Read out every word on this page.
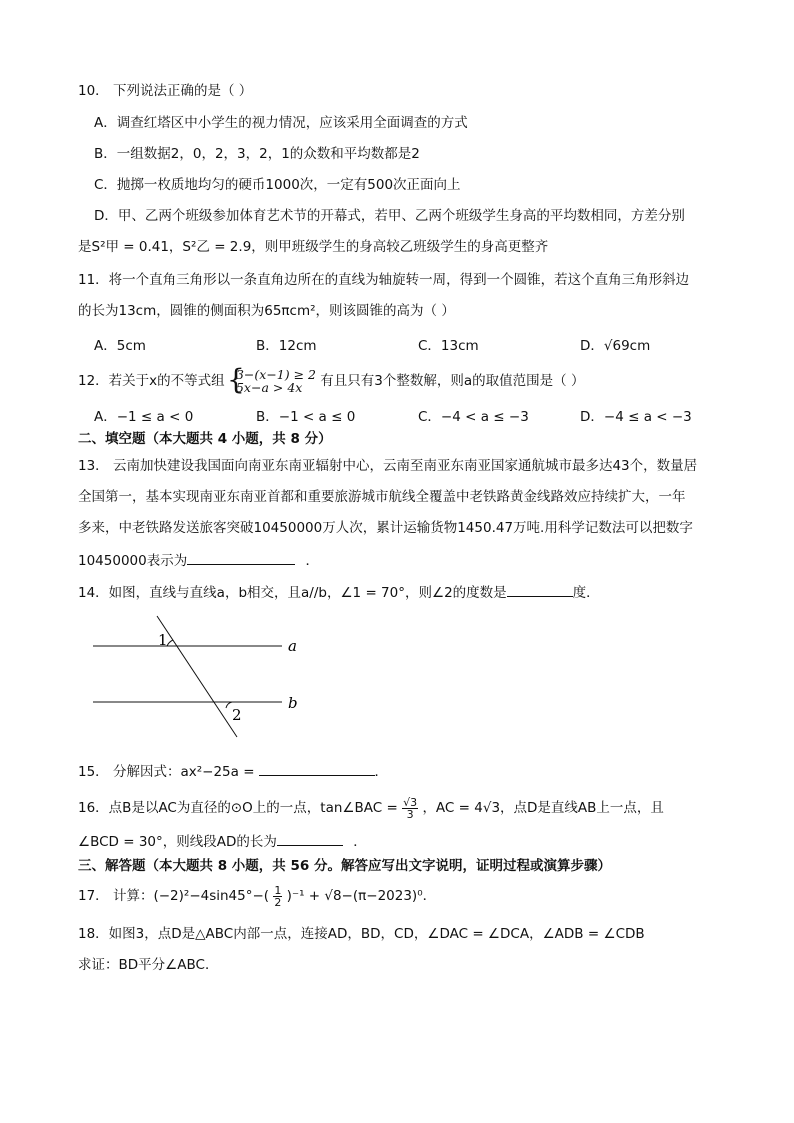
10． 下列说法正确的是（ ）
A．调查红塔区中小学生的视力情况，应该采用全面调查的方式
B．一组数据2，0，2，3，2，1的众数和平均数都是2
C．抛掷一枚质地均匀的硬币1000次，一定有500次正面向上
D．甲、乙两个班级参加体育艺术节的开幕式，若甲、乙两个班级学生身高的平均数相同，方差分别
是S²甲 = 0.41，S²乙 = 2.9，则甲班级学生的身高较乙班级学生的身高更整齐
11．将一个直角三角形以一条直角边所在的直线为轴旋转一周，得到一个圆锥，若这个直角三角形斜边
的长为13cm，圆锥的侧面积为65πcm²，则该圆锥的高为（ ）
A．5cm	B．12cm	C．13cm	D．√69cm
12．若关于x的不等式组
{ 3−(x−1) ≥ 2
5x−a > 4x	有且只有3个整数解，则a的取值范围是（ ）
A．−1 ≤ a < 0	B．−1 < a ≤ 0	C．−4 < a ≤ −3	D．−4 ≤ a < −3
二、填空题（本大题共 4 小题，共 8 分）
13． 云南加快建设我国面向南亚东南亚辐射中心，云南至南亚东南亚国家通航城市最多达43个，数量居
全国第一，基本实现南亚东南亚首都和重要旅游城市航线全覆盖中老铁路黄金线路效应持续扩大，一年
多来，中老铁路发送旅客突破10450000万人次，累计运输货物1450.47万吨.用科学记数法可以把数字
10450000表示为	．
14．如图，直线与直线a，b相交，且a//b，∠1 = 70°，则∠2的度数是	度．
1
2
a
b
15． 分解因式：ax²−25a =	．
16．点B是以AC为直径的⊙O上的一点，tan∠BAC = $\frac{√3}{3}$ ，AC = 4√3，点D是直线AB上一点，且
∠BCD = 30°，则线段AD的长为	．
三、解答题（本大题共 8 小题，共 56 分。解答应写出文字说明，证明过程或演算步骤）
17． 计算：$(-2)^2-4\sin 45^\circ-( \frac{1}{2} )^{-1} + √8-(\pi-2023)^0$．
18．如图3，点D是△ABC内部一点，连接AD，BD，CD，∠DAC = ∠DCA，∠ADB = ∠CDB
求证：BD平分∠ABC．
